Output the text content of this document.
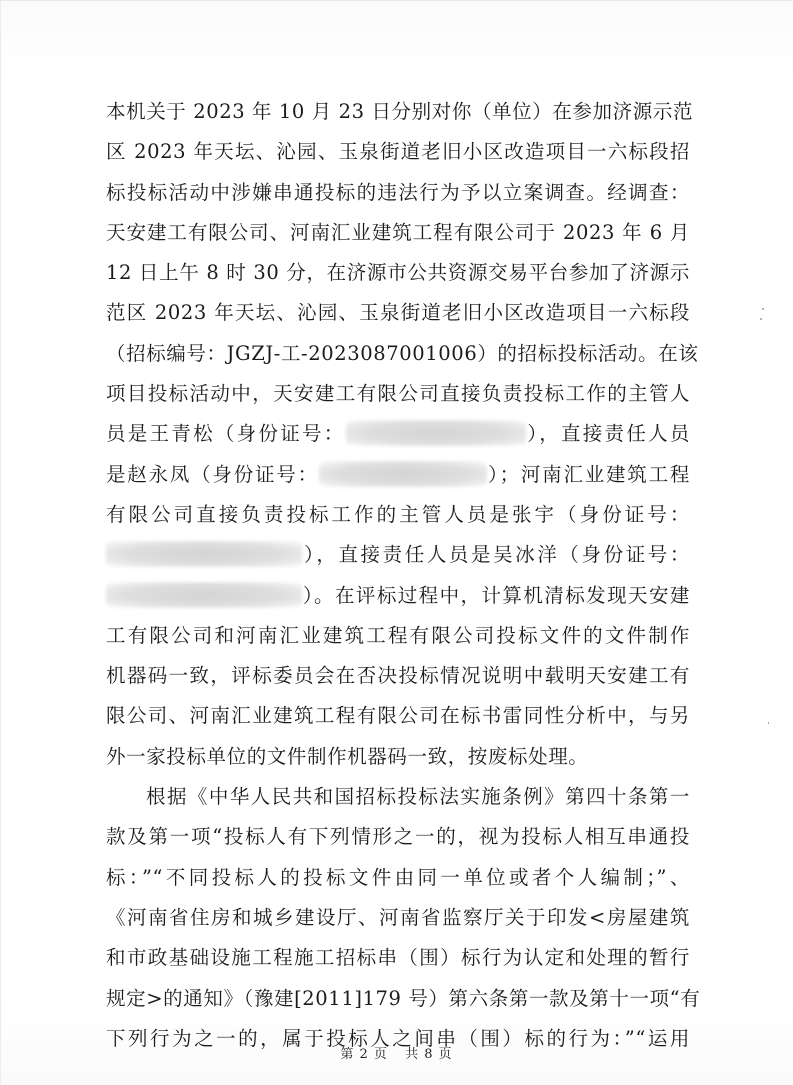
本机关于 2023 年 10 月 23 日分别对你（单位）在参加济源示范
区 2023 年天坛、沁园、玉泉街道老旧小区改造项目一六标段招
标投标活动中涉嫌串通投标的违法行为予以立案调查。经调查：
天安建工有限公司、河南汇业建筑工程有限公司于 2023 年 6 月
12 日上午 8 时 30 分，在济源市公共资源交易平台参加了济源示
范区 2023 年天坛、沁园、玉泉街道老旧小区改造项目一六标段
（招标编号：JGZJ-工-2023087001006）的招标投标活动。在该
项目投标活动中，天安建工有限公司直接负责投标工作的主管人
员是王青松（身份证号：	），直接责任人员
是赵永凤（身份证号：	）；河南汇业建筑工程
有限公司直接负责投标工作的主管人员是张宇（身份证号：
），直接责任人员是吴冰洋（身份证号：
）。在评标过程中，计算机清标发现天安建
工有限公司和河南汇业建筑工程有限公司投标文件的文件制作
机器码一致，评标委员会在否决投标情况说明中载明天安建工有
限公司、河南汇业建筑工程有限公司在标书雷同性分析中，与另
外一家投标单位的文件制作机器码一致，按废标处理。
根据《中华人民共和国招标投标法实施条例》第四十条第一
款及第一项“投标人有下列情形之一的，视为投标人相互串通投
标：”“不同投标人的投标文件由同一单位或者个人编制；”、
《河南省住房和城乡建设厅、河南省监察厅关于印发<房屋建筑
和市政基础设施工程施工招标串（围）标行为认定和处理的暂行
规定>的通知》（豫建[2011]179 号）第六条第一款及第十一项“有
下列行为之一的，属于投标人之间串（围）标的行为：”“运用
第 2 页 共 8 页
